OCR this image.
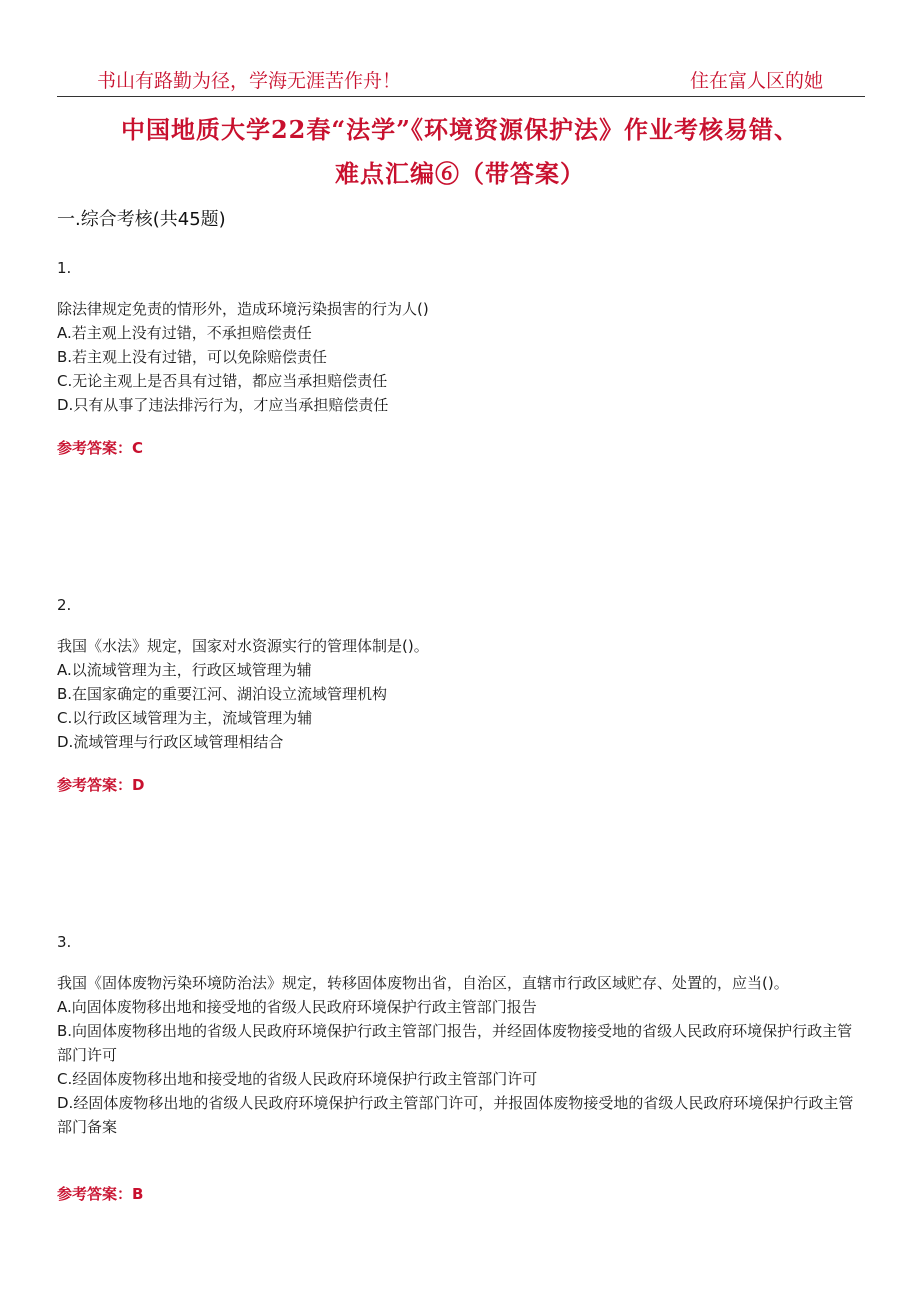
书山有路勤为径，学海无涯苦作舟！	住在富人区的她
中国地质大学22春“法学”《环境资源保护法》作业考核易错、
难点汇编⑥（带答案）
一.综合考核(共45题)
1.
除法律规定免责的情形外，造成环境污染损害的行为人()
A.若主观上没有过错，不承担赔偿责任
B.若主观上没有过错，可以免除赔偿责任
C.无论主观上是否具有过错，都应当承担赔偿责任
D.只有从事了违法排污行为，才应当承担赔偿责任
参考答案：C
2.
我国《水法》规定，国家对水资源实行的管理体制是()。
A.以流域管理为主，行政区域管理为辅
B.在国家确定的重要江河、湖泊设立流域管理机构
C.以行政区域管理为主，流域管理为辅
D.流域管理与行政区域管理相结合
参考答案：D
3.
我国《固体废物污染环境防治法》规定，转移固体废物出省，自治区，直辖市行政区域贮存、处置的，应当()。
A.向固体废物移出地和接受地的省级人民政府环境保护行政主管部门报告
B.向固体废物移出地的省级人民政府环境保护行政主管部门报告，并经固体废物接受地的省级人民政府环境保护行政主管部门许可
C.经固体废物移出地和接受地的省级人民政府环境保护行政主管部门许可
D.经固体废物移出地的省级人民政府环境保护行政主管部门许可，并报固体废物接受地的省级人民政府环境保护行政主管部门备案
参考答案：B
